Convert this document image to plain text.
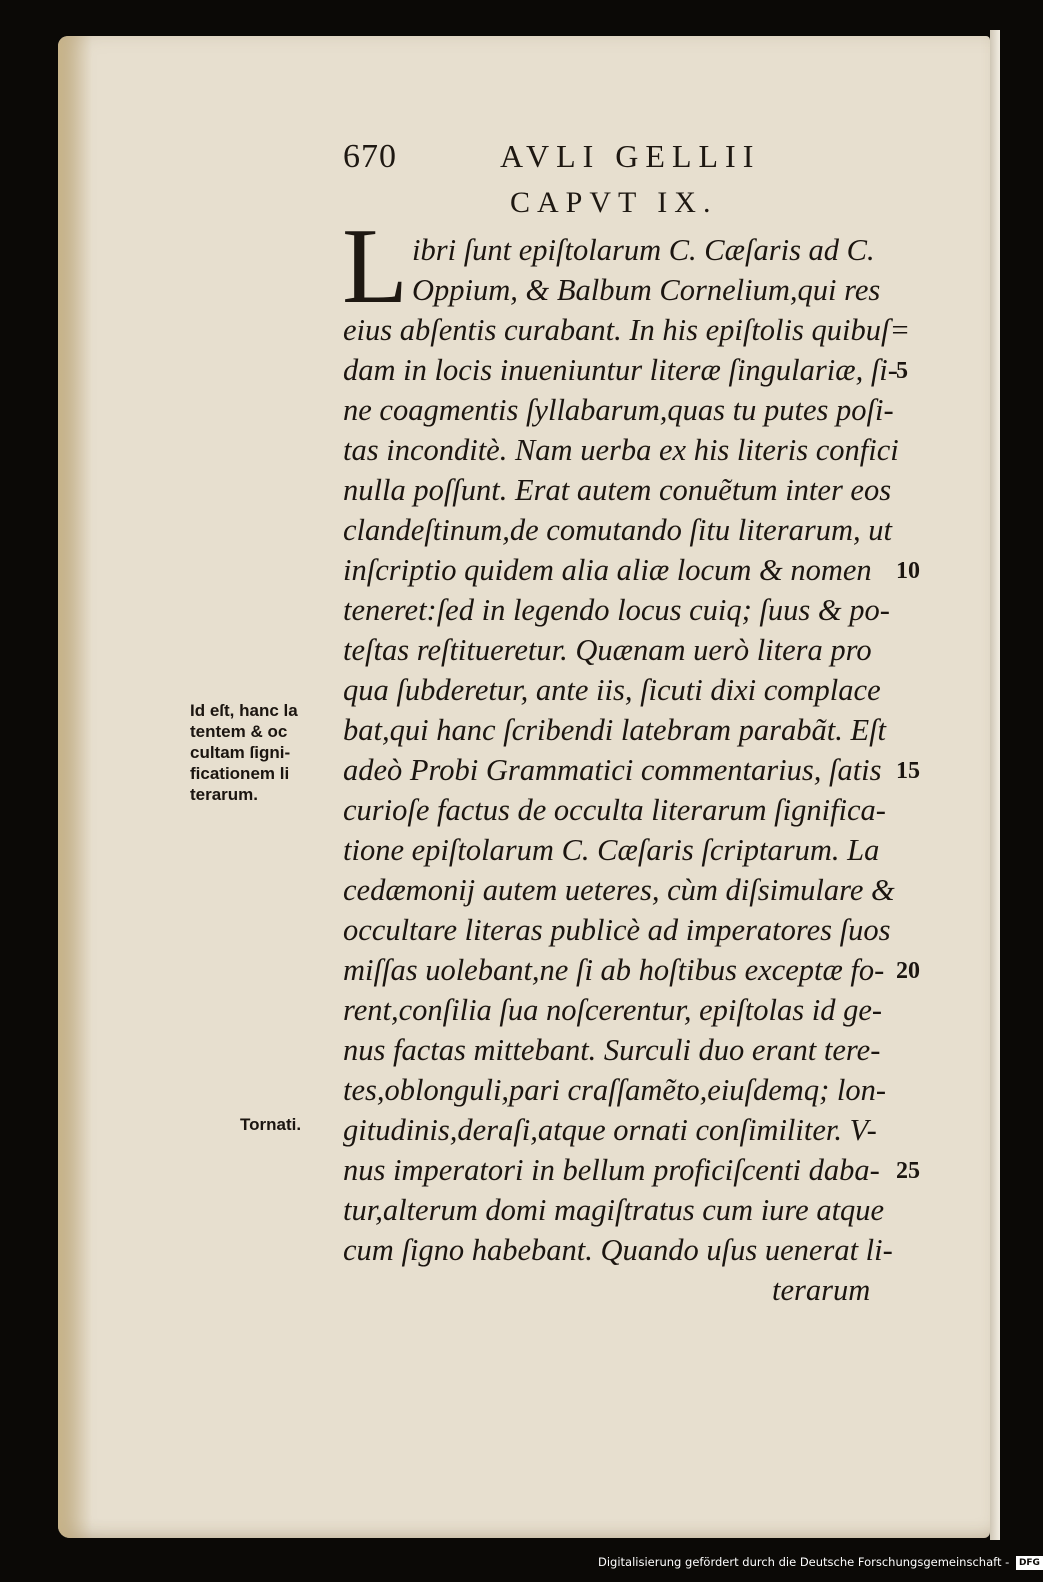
670	AVLI GELLII
CAPVT IX.
L ibri ſunt epiſtolarum C. Cæſaris ad C.
Oppium, & Balbum Cornelium,qui res
eius abſentis curabant. In his epiſtolis quibuſ=
dam in locis inueniuntur literæ ſingulariæ, ſi-
ne coagmentis ſyllabarum,quas tu putes poſi-
tas inconditè. Nam uerba ex his literis confici
nulla poſſunt. Erat autem conuẽtum inter eos
clandeſtinum,de comutando ſitu literarum, ut
inſcriptio quidem alia aliæ locum & nomen
teneret:ſed in legendo locus cuiq; ſuus & po-
teſtas reſtitueretur. Quænam uerò litera pro
qua ſubderetur, ante iis, ſicuti dixi complace
bat,qui hanc ſcribendi latebram parabãt. Eſt
adeò Probi Grammatici commentarius, ſatis
curioſe factus de occulta literarum ſignifica-
tione epiſtolarum C. Cæſaris ſcriptarum. La
cedæmonij autem ueteres, cùm diſsimulare &
occultare literas publicè ad imperatores ſuos
miſſas uolebant,ne ſi ab hoſtibus exceptæ fo-
rent,conſilia ſua noſcerentur, epiſtolas id ge-
nus factas mittebant. Surculi duo erant tere-
tes,oblonguli,pari craſſamẽto,eiuſdemq; lon-
gitudinis,deraſi,atque ornati conſimiliter. V-
nus imperatori in bellum proficiſcenti daba-
tur,alterum domi magiſtratus cum iure atque
cum ſigno habebant. Quando uſus uenerat li-
terarum
5
10
15
20
25
Id eſt, hanc la
tentem & oc
cultam ſigni-
ficationem li
terarum.
Tornati.
Digitalisierung gefördert durch die Deutsche Forschungsgemeinschaft - DFG
